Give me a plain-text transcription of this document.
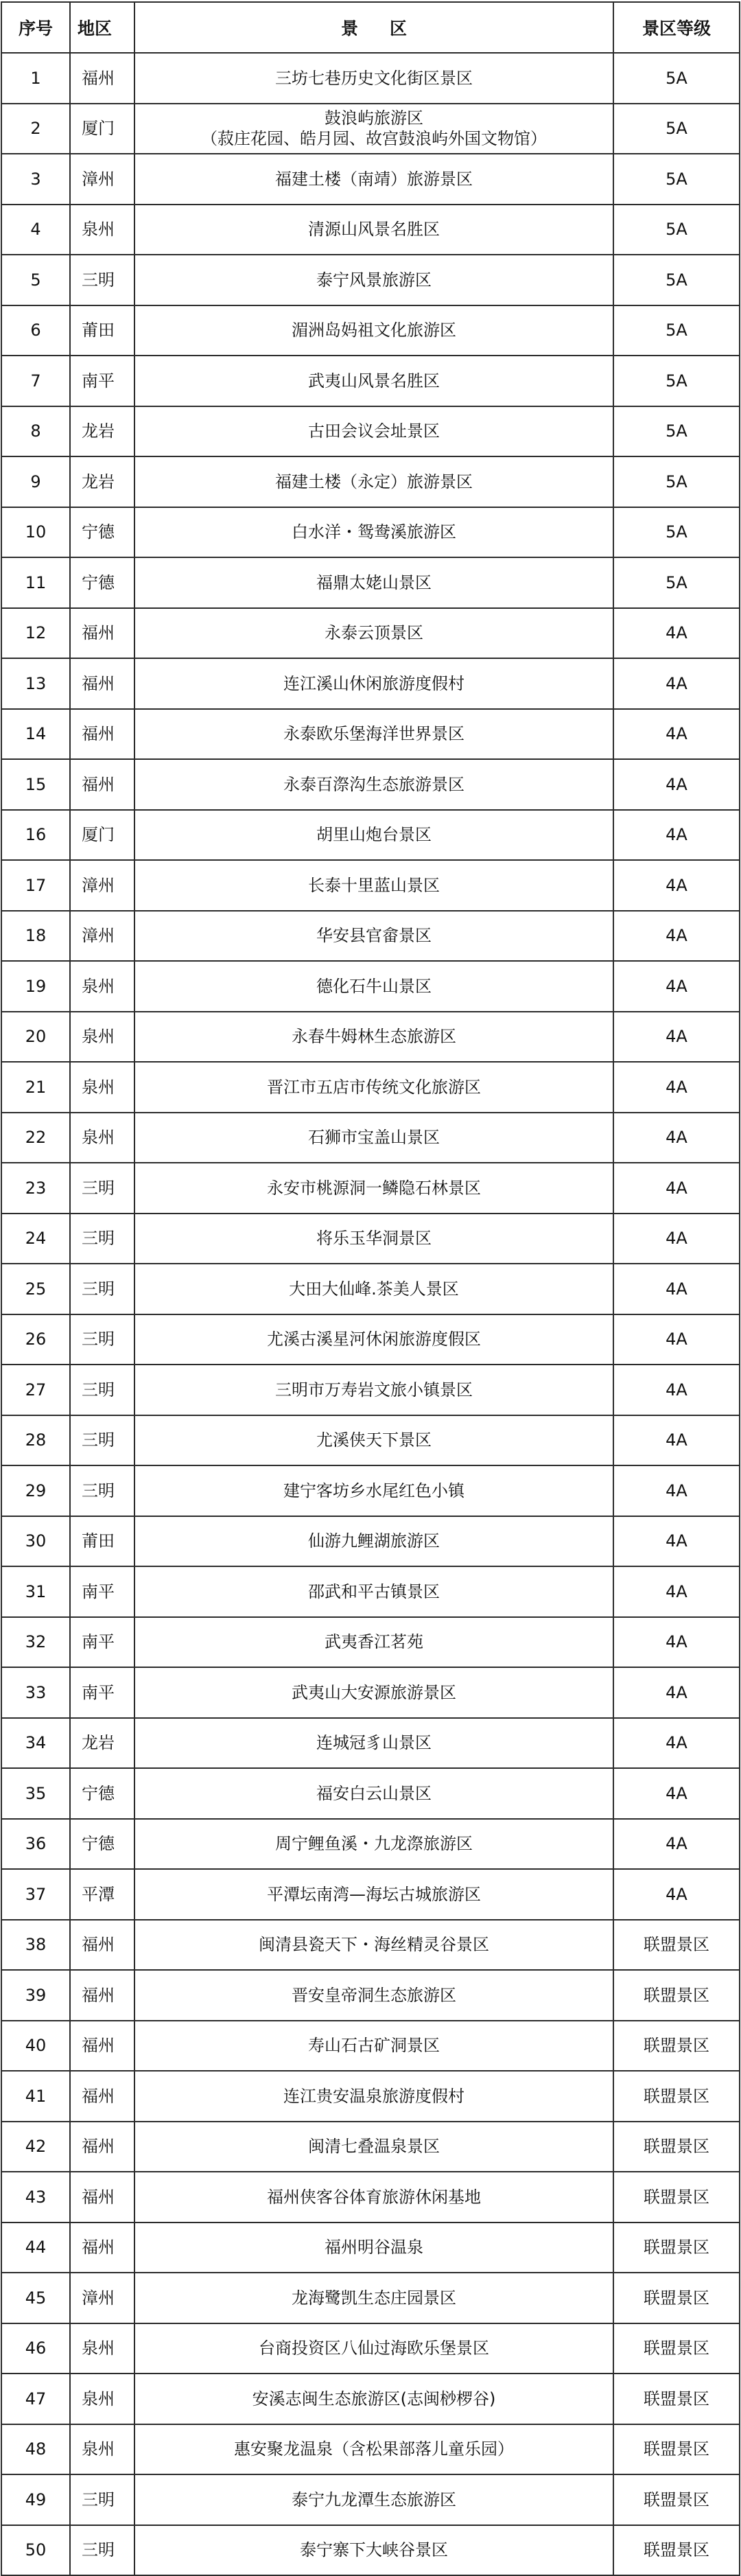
序号	地区	景区	景区等级
1	福州	三坊七巷历史文化街区景区	5A
2	厦门	鼓浪屿旅游区
（菽庄花园、皓月园、故宫鼓浪屿外国文物馆）	5A
3	漳州	福建土楼（南靖）旅游景区	5A
4	泉州	清源山风景名胜区	5A
5	三明	泰宁风景旅游区	5A
6	莆田	湄洲岛妈祖文化旅游区	5A
7	南平	武夷山风景名胜区	5A
8	龙岩	古田会议会址景区	5A
9	龙岩	福建土楼（永定）旅游景区	5A
10	宁德	白水洋・鸳鸯溪旅游区	5A
11	宁德	福鼎太姥山景区	5A
12	福州	永泰云顶景区	4A
13	福州	连江溪山休闲旅游度假村	4A
14	福州	永泰欧乐堡海洋世界景区	4A
15	福州	永泰百漈沟生态旅游景区	4A
16	厦门	胡里山炮台景区	4A
17	漳州	长泰十里蓝山景区	4A
18	漳州	华安县官畲景区	4A
19	泉州	德化石牛山景区	4A
20	泉州	永春牛姆林生态旅游区	4A
21	泉州	晋江市五店市传统文化旅游区	4A
22	泉州	石狮市宝盖山景区	4A
23	三明	永安市桃源洞一鳞隐石林景区	4A
24	三明	将乐玉华洞景区	4A
25	三明	大田大仙峰.茶美人景区	4A
26	三明	尤溪古溪星河休闲旅游度假区	4A
27	三明	三明市万寿岩文旅小镇景区	4A
28	三明	尤溪侠天下景区	4A
29	三明	建宁客坊乡水尾红色小镇	4A
30	莆田	仙游九鲤湖旅游区	4A
31	南平	邵武和平古镇景区	4A
32	南平	武夷香江茗苑	4A
33	南平	武夷山大安源旅游景区	4A
34	龙岩	连城冠豸山景区	4A
35	宁德	福安白云山景区	4A
36	宁德	周宁鲤鱼溪・九龙漈旅游区	4A
37	平潭	平潭坛南湾—海坛古城旅游区	4A
38	福州	闽清县瓷天下・海丝精灵谷景区	联盟景区
39	福州	晋安皇帝洞生态旅游区	联盟景区
40	福州	寿山石古矿洞景区	联盟景区
41	福州	连江贵安温泉旅游度假村	联盟景区
42	福州	闽清七叠温泉景区	联盟景区
43	福州	福州侠客谷体育旅游休闲基地	联盟景区
44	福州	福州明谷温泉	联盟景区
45	漳州	龙海鹭凯生态庄园景区	联盟景区
46	泉州	台商投资区八仙过海欧乐堡景区	联盟景区
47	泉州	安溪志闽生态旅游区(志闽桫椤谷)	联盟景区
48	泉州	惠安聚龙温泉（含松果部落儿童乐园）	联盟景区
49	三明	泰宁九龙潭生态旅游区	联盟景区
50	三明	泰宁寨下大峡谷景区	联盟景区
